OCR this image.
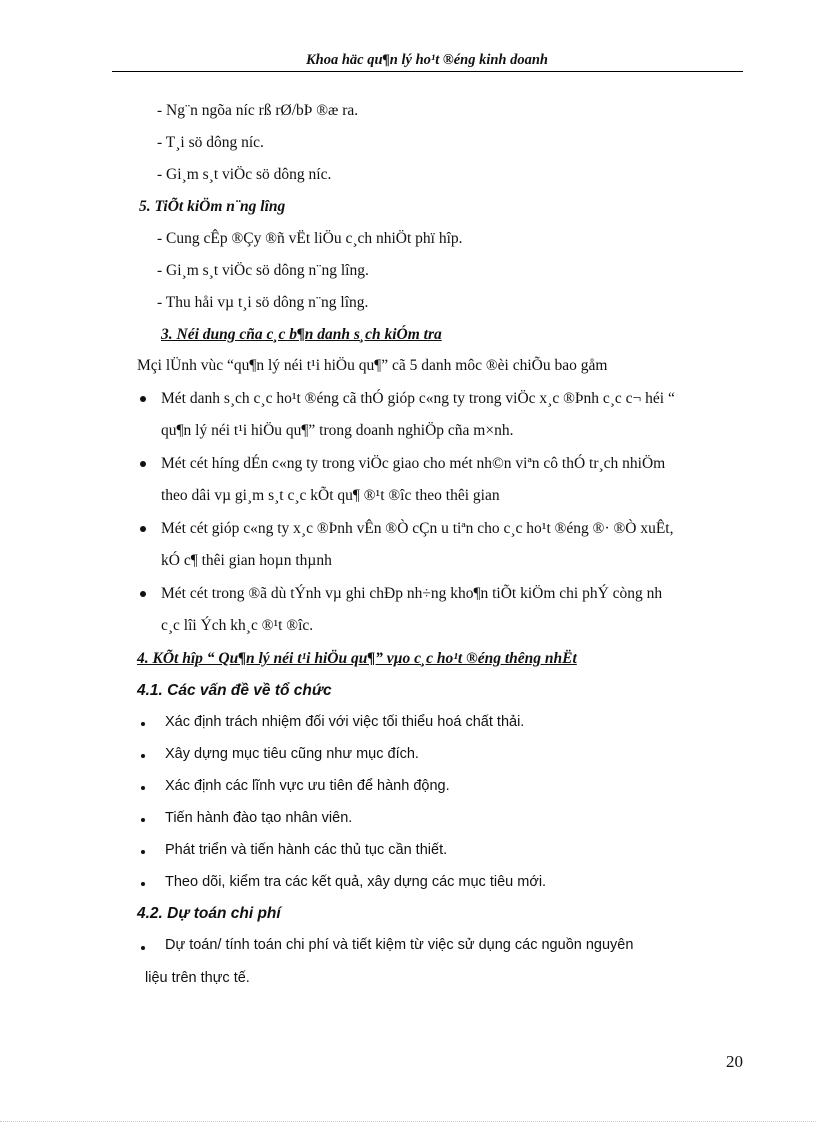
Khoa häc qu¶n lý ho¹t ®éng kinh doanh
- Ng¨n ngõa níc rß rØ/bÞ ®æ ra.
- T¸i sö dông níc.
- Gi¸m s¸t viÖc sö dông níc.
5. TiÕt kiÖm n¨ng lîng
- Cung cÊp ®Çy ®ñ vËt liÖu c¸ch nhiÖt phï hîp.
- Gi¸m s¸t viÖc sö dông n¨ng lîng.
- Thu håi vµ t¸i sö dông n¨ng lîng.
3. Néi dung cña c¸c b¶n danh s¸ch kiÓm tra
Mçi lÜnh vùc “qu¶n lý néi t¹i hiÖu qu¶” cã 5 danh môc ®èi chiÕu bao gåm
Mét danh s¸ch c¸c ho¹t ®éng cã thÓ gióp c«ng ty trong viÖc x¸c ®Þnh c¸c c¬ héi “
qu¶n lý néi t¹i hiÖu qu¶” trong doanh nghiÖp cña m×nh.
Mét cét híng dÉn c«ng ty trong viÖc giao cho mét nh©n viªn cô thÓ tr¸ch nhiÖm
theo dâi vµ gi¸m s¸t c¸c kÕt qu¶ ®¹t ®îc theo thêi gian
Mét cét gióp c«ng ty x¸c ®Þnh vÊn ®Ò cÇn u tiªn cho c¸c ho¹t ®éng ®· ®Ò xuÊt,
kÓ c¶ thêi gian hoµn thµnh
Mét cét trong ®ã dù tÝnh vµ ghi chÐp nh÷ng kho¶n tiÕt kiÖm chi phÝ còng nh
c¸c lîi Ých kh¸c ®¹t ®îc.
4. KÕt hîp “ Qu¶n lý néi t¹i hiÖu qu¶” vµo c¸c ho¹t ®éng thêng nhËt
4.1. Các vấn đề về tổ chức
Xác định trách nhiệm đối với việc tối thiểu hoá chất thải.
Xây dựng mục tiêu cũng như mục đích.
Xác định các lĩnh vực ưu tiên để hành động.
Tiến hành đào tạo nhân viên.
Phát triển và tiến hành các thủ tục cần thiết.
Theo dõi, kiểm tra các kết quả, xây dựng các mục tiêu mới.
4.2. Dự toán chi phí
Dự toán/ tính toán chi phí và tiết kiệm từ việc sử dụng các nguồn nguyên
liệu trên thực tế.
20
